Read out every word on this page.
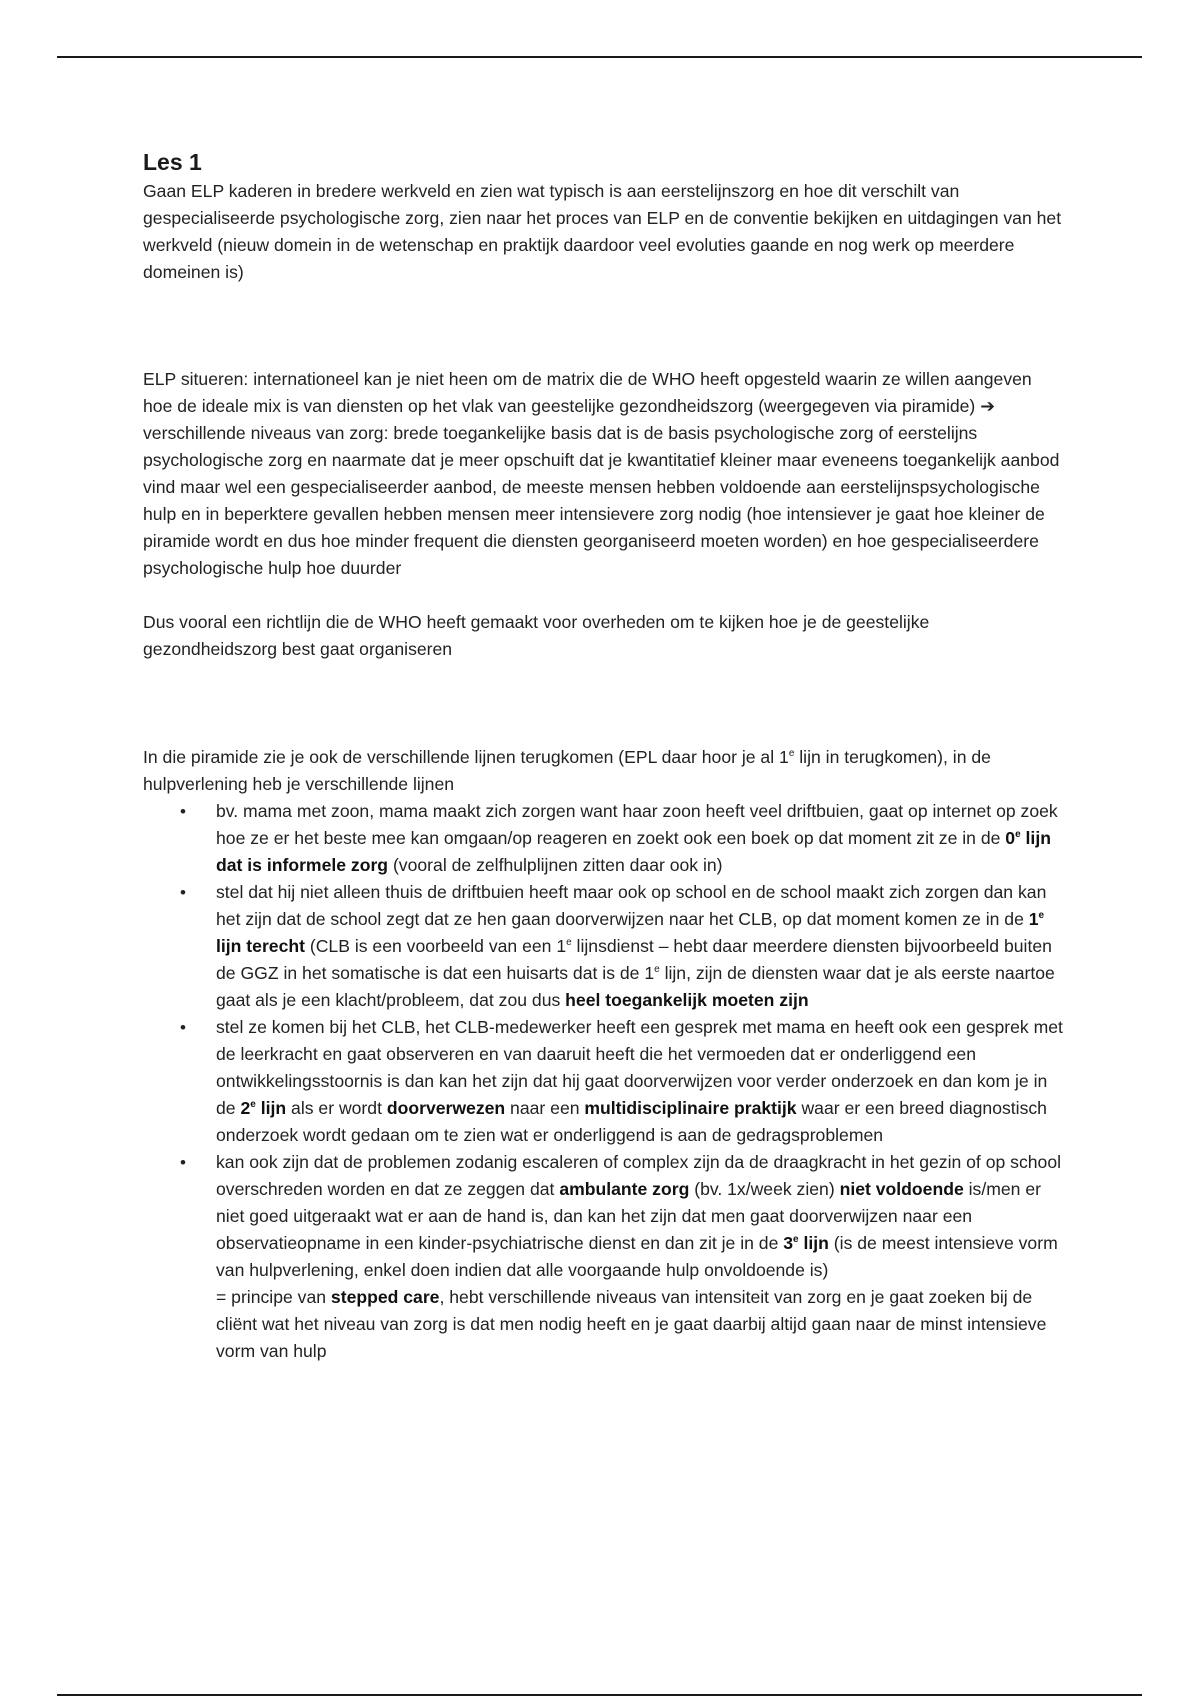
Les 1

Gaan ELP kaderen in bredere werkveld en zien wat typisch is aan eerstelijnszorg en hoe dit verschilt van gespecialiseerde psychologische zorg, zien naar het proces van ELP en de conventie bekijken en uitdagingen van het werkveld (nieuw domein in de wetenschap en praktijk daardoor veel evoluties gaande en nog werk op meerdere domeinen is)

ELP situeren: internationeel kan je niet heen om de matrix die de WHO heeft opgesteld waarin ze willen aangeven hoe de ideale mix is van diensten op het vlak van geestelijke gezondheidszorg (weergegeven via piramide) ➔ verschillende niveaus van zorg: brede toegankelijke basis dat is de basis psychologische zorg of eerstelijns psychologische zorg en naarmate dat je meer opschuift dat je kwantitatief kleiner maar eveneens toegankelijk aanbod vind maar wel een gespecialiseerder aanbod, de meeste mensen hebben voldoende aan eerstelijnspsychologische hulp en in beperktere gevallen hebben mensen meer intensievere zorg nodig (hoe intensiever je gaat hoe kleiner de piramide wordt en dus hoe minder frequent die diensten georganiseerd moeten worden) en hoe gespecialiseerdere psychologische hulp hoe duurder

Dus vooral een richtlijn die de WHO heeft gemaakt voor overheden om te kijken hoe je de geestelijke gezondheidszorg best gaat organiseren

In die piramide zie je ook de verschillende lijnen terugkomen (EPL daar hoor je al 1e lijn in terugkomen), in de hulpverlening heb je verschillende lijnen

• bv. mama met zoon, mama maakt zich zorgen want haar zoon heeft veel driftbuien, gaat op internet op zoek hoe ze er het beste mee kan omgaan/op reageren en zoekt ook een boek op dat moment zit ze in de 0e lijn dat is informele zorg (vooral de zelfhulplijnen zitten daar ook in)
• stel dat hij niet alleen thuis de driftbuien heeft maar ook op school en de school maakt zich zorgen dan kan het zijn dat de school zegt dat ze hen gaan doorverwijzen naar het CLB, op dat moment komen ze in de 1e lijn terecht (CLB is een voorbeeld van een 1e lijnsdienst – hebt daar meerdere diensten bijvoorbeeld buiten de GGZ in het somatische is dat een huisarts dat is de 1e lijn, zijn de diensten waar dat je als eerste naartoe gaat als je een klacht/probleem, dat zou dus heel toegankelijk moeten zijn
• stel ze komen bij het CLB, het CLB-medewerker heeft een gesprek met mama en heeft ook een gesprek met de leerkracht en gaat observeren en van daaruit heeft die het vermoeden dat er onderliggend een ontwikkelingsstoornis is dan kan het zijn dat hij gaat doorverwijzen voor verder onderzoek en dan kom je in de 2e lijn als er wordt doorverwezen naar een multidisciplinaire praktijk waar er een breed diagnostisch onderzoek wordt gedaan om te zien wat er onderliggend is aan de gedragsproblemen
• kan ook zijn dat de problemen zodanig escaleren of complex zijn da de draagkracht in het gezin of op school overschreden worden en dat ze zeggen dat ambulante zorg (bv. 1x/week zien) niet voldoende is/men er niet goed uitgeraakt wat er aan de hand is, dan kan het zijn dat men gaat doorverwijzen naar een observatieopname in een kinder-psychiatrische dienst en dan zit je in de 3e lijn (is de meest intensieve vorm van hulpverlening, enkel doen indien dat alle voorgaande hulp onvoldoende is)
= principe van stepped care, hebt verschillende niveaus van intensiteit van zorg en je gaat zoeken bij de cliënt wat het niveau van zorg is dat men nodig heeft en je gaat daarbij altijd gaan naar de minst intensieve vorm van hulp
